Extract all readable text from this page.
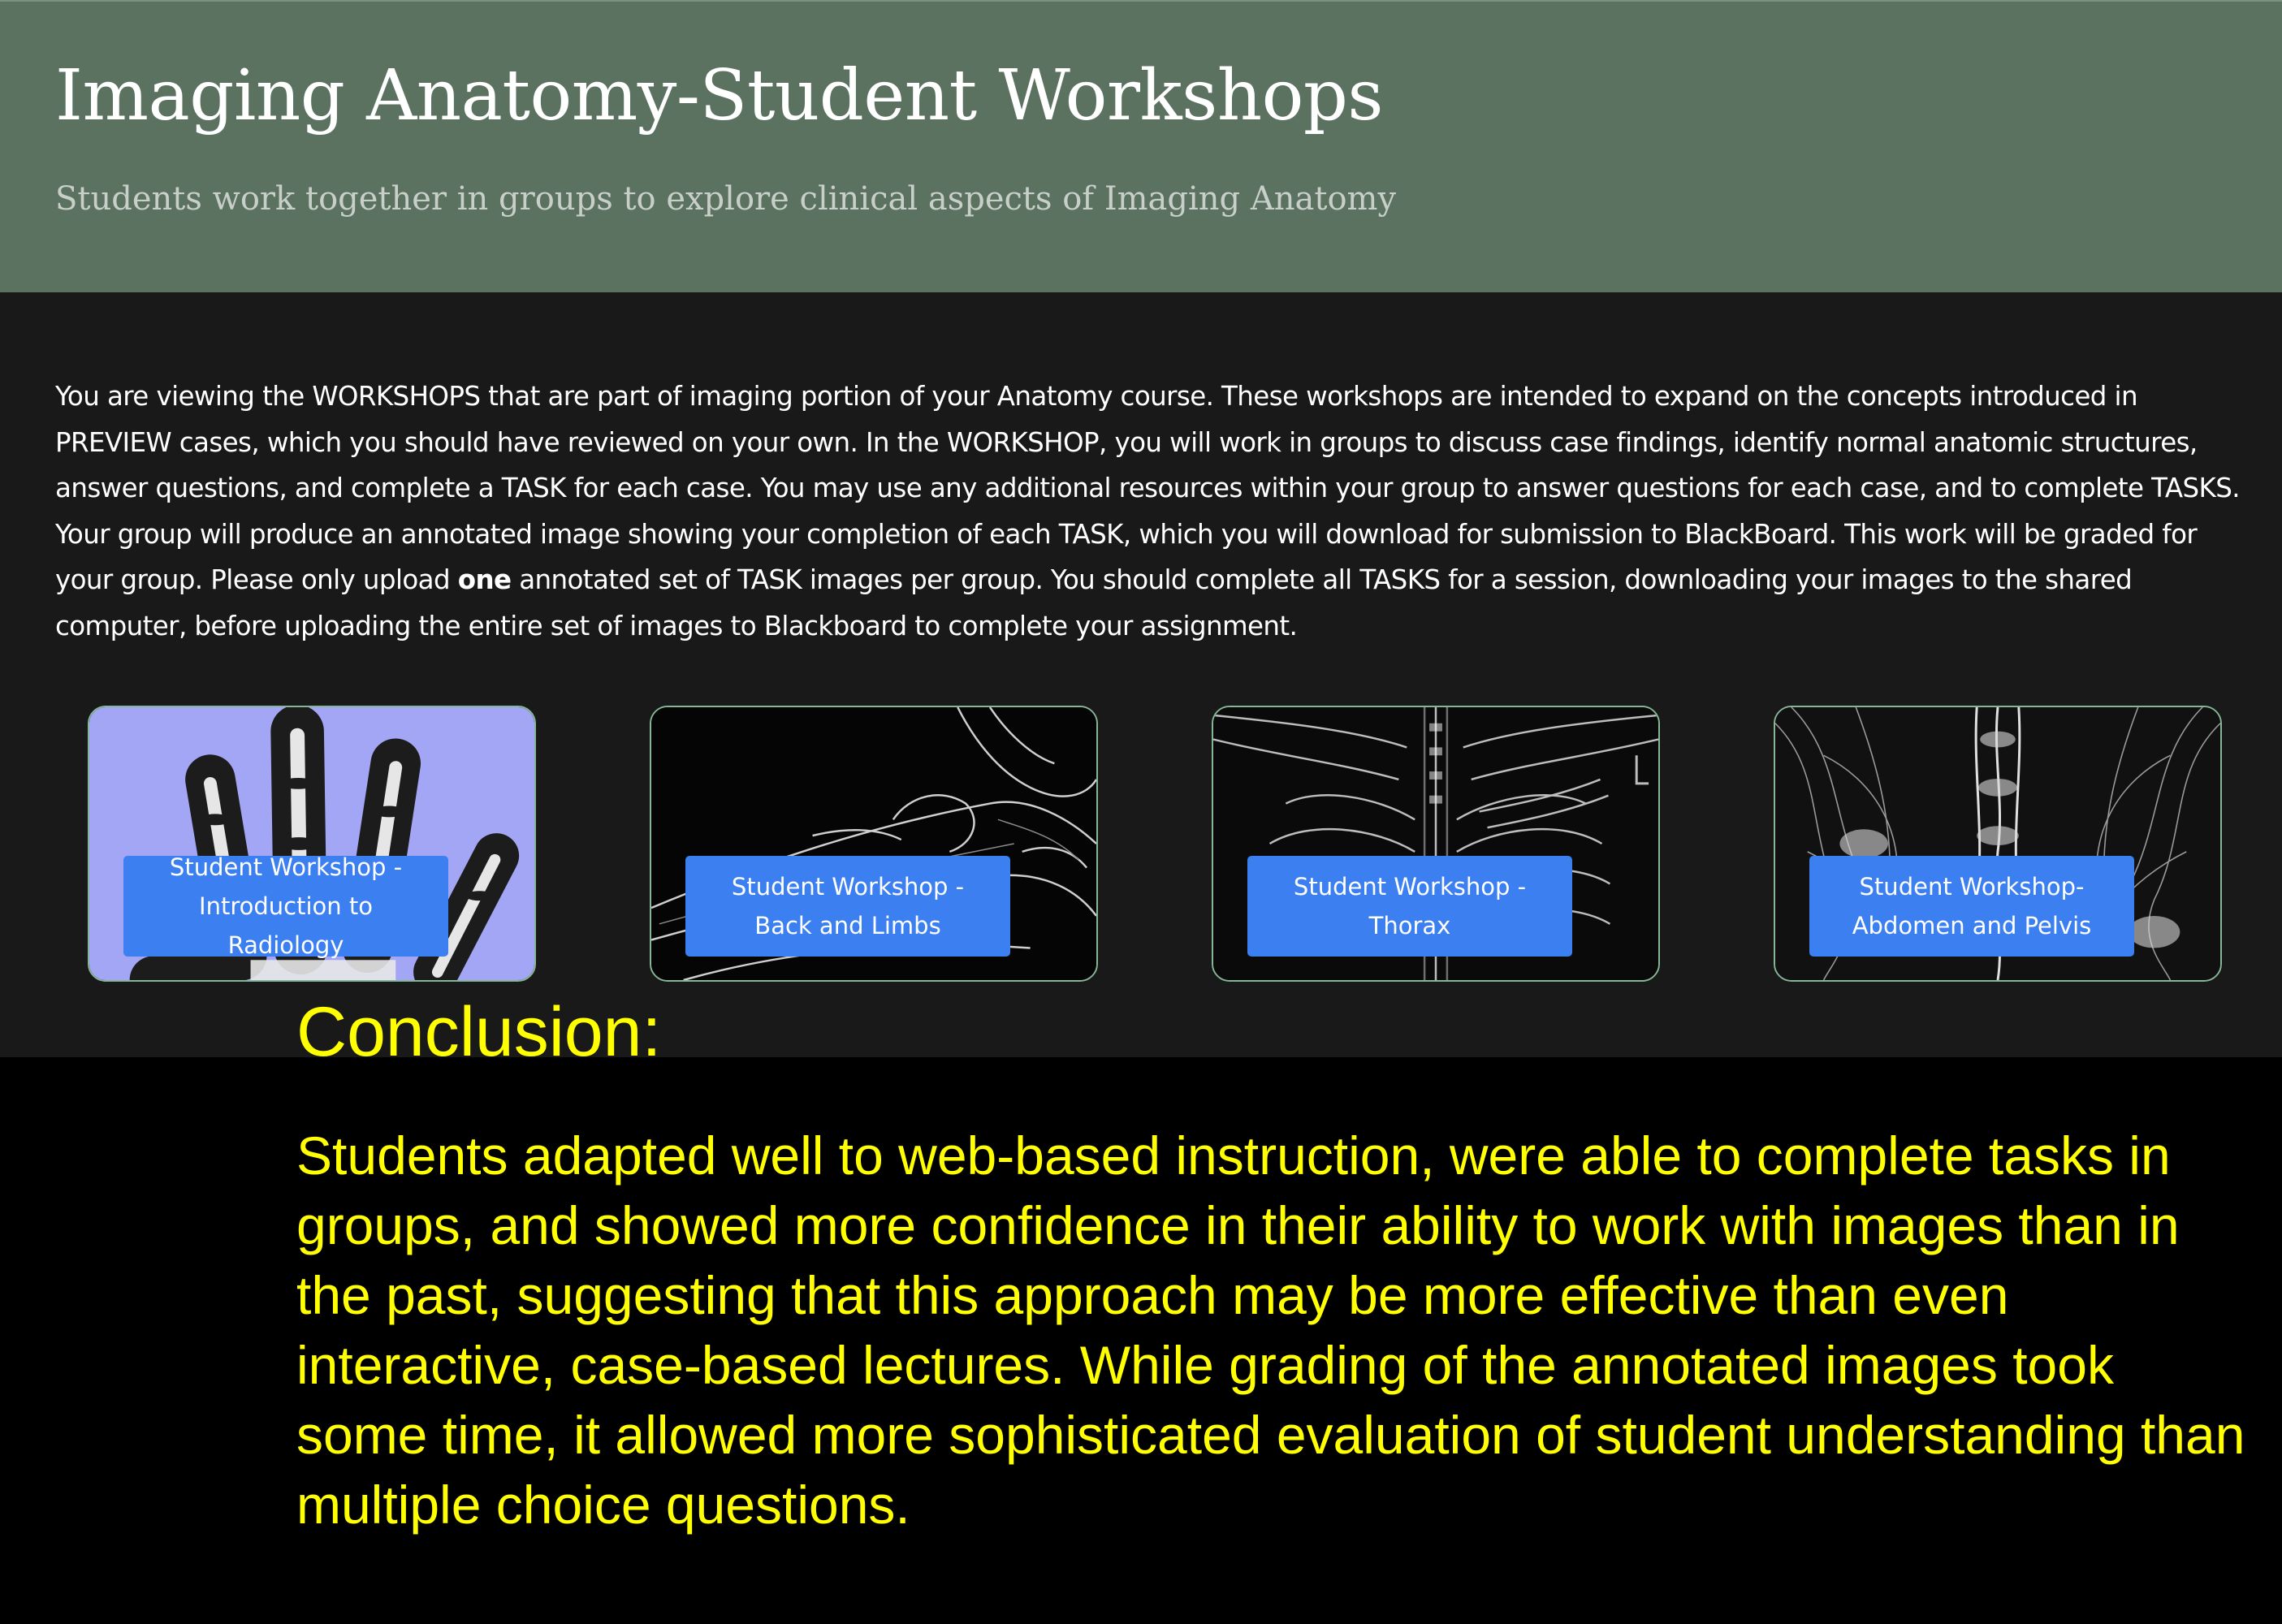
Imaging Anatomy-Student Workshops

Students work together in groups to explore clinical aspects of Imaging Anatomy

You are viewing the WORKSHOPS that are part of imaging portion of your Anatomy course. These workshops are intended to expand on the concepts introduced in PREVIEW cases, which you should have reviewed on your own. In the WORKSHOP, you will work in groups to discuss case findings, identify normal anatomic structures, answer questions, and complete a TASK for each case. You may use any additional resources within your group to answer questions for each case, and to complete TASKS. Your group will produce an annotated image showing your completion of each TASK, which you will download for submission to BlackBoard. This work will be graded for your group. Please only upload one annotated set of TASK images per group. You should complete all TASKS for a session, downloading your images to the shared computer, before uploading the entire set of images to Blackboard to complete your assignment.

Student Workshop - Introduction to Radiology
Student Workshop - Back and Limbs
Student Workshop - Thorax
Student Workshop- Abdomen and Pelvis
Conclusion:

Students adapted well to web-based instruction, were able to complete tasks in groups, and showed more confidence in their ability to work with images than in the past, suggesting that this approach may be more effective than even interactive, case-based lectures. While grading of the annotated images took some time, it allowed more sophisticated evaluation of student understanding than multiple choice questions.
